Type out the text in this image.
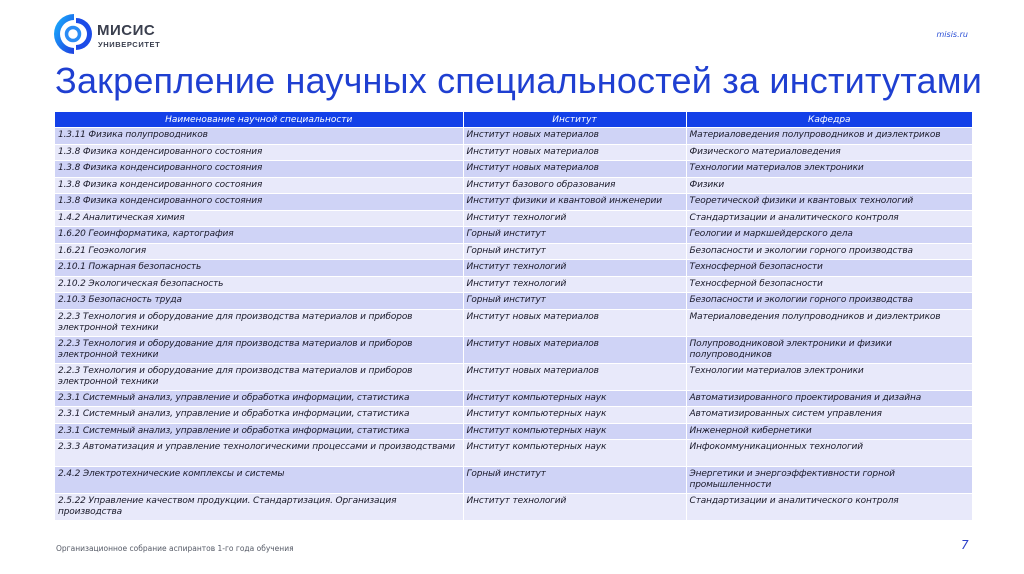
МИСИС
УНИВЕРСИТЕТ
misis.ru
Закрепление научных специальностей за институтами
Наименование научной специальности	Институт	Кафедра
1.3.11 Физика полупроводников	Институт новых материалов	Материаловедения полупроводников и диэлектриков
1.3.8 Физика конденсированного состояния	Институт новых материалов	Физического материаловедения
1.3.8 Физика конденсированного состояния	Институт новых материалов	Технологии материалов электроники
1.3.8 Физика конденсированного состояния	Институт базового образования	Физики
1.3.8 Физика конденсированного состояния	Институт физики и квантовой инженерии	Теоретической физики и квантовых технологий
1.4.2 Аналитическая химия	Институт технологий	Стандартизации и аналитического контроля
1.6.20 Геоинформатика, картография	Горный институт	Геологии и маркшейдерского дела
1.6.21 Геоэкология	Горный институт	Безопасности и экологии горного производства
2.10.1 Пожарная безопасность	Институт технологий	Техносферной безопасности
2.10.2 Экологическая безопасность	Институт технологий	Техносферной безопасности
2.10.3 Безопасность труда	Горный институт	Безопасности и экологии горного производства
2.2.3 Технология и оборудование для производства материалов и приборов электронной техники	Институт новых материалов	Материаловедения полупроводников и диэлектриков
2.2.3 Технология и оборудование для производства материалов и приборов электронной техники	Институт новых материалов	Полупроводниковой электроники и физики полупроводников
2.2.3 Технология и оборудование для производства материалов и приборов электронной техники	Институт новых материалов	Технологии материалов электроники
2.3.1 Системный анализ, управление и обработка информации, статистика	Институт компьютерных наук	Автоматизированного проектирования и дизайна
2.3.1 Системный анализ, управление и обработка информации, статистика	Институт компьютерных наук	Автоматизированных систем управления
2.3.1 Системный анализ, управление и обработка информации, статистика	Институт компьютерных наук	Инженерной кибернетики
2.3.3 Автоматизация и управление технологическими процессами и производствами	Институт компьютерных наук	Инфокоммуникационных технологий
2.4.2 Электротехнические комплексы и системы	Горный институт	Энергетики и энергоэффективности горной промышленности
2.5.22 Управление качеством продукции. Стандартизация. Организация производства	Институт технологий	Стандартизации и аналитического контроля
Организационное собрание аспирантов 1-го года обучения	7
